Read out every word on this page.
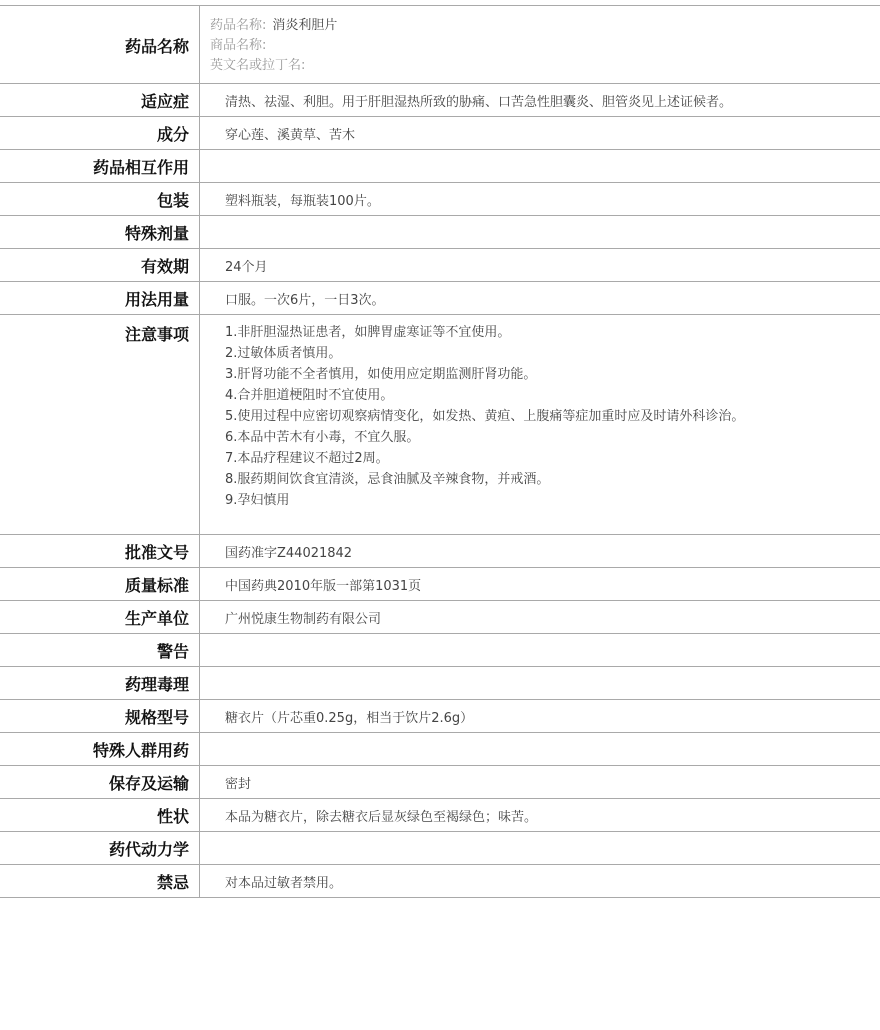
药品名称
药品名称: 消炎利胆片
商品名称:
英文名或拉丁名:
适应症	清热、祛湿、利胆。用于肝胆湿热所致的胁痛、口苦急性胆囊炎、胆管炎见上述证候者。
成分	穿心莲、溪黄草、苦木
药品相互作用
包装	塑料瓶装，每瓶装100片。
特殊剂量
有效期	24个月
用法用量	口服。一次6片，一日3次。
注意事项	1.非肝胆湿热证患者，如脾胃虚寒证等不宜使用。
2.过敏体质者慎用。
3.肝肾功能不全者慎用，如使用应定期监测肝肾功能。
4.合并胆道梗阻时不宜使用。
5.使用过程中应密切观察病情变化，如发热、黄疸、上腹痛等症加重时应及时请外科诊治。
6.本品中苦木有小毒，不宜久服。
7.本品疗程建议不超过2周。
8.服药期间饮食宜清淡，忌食油腻及辛辣食物，并戒酒。
9.孕妇慎用
批准文号	国药准字Z44021842
质量标准	中国药典2010年版一部第1031页
生产单位	广州悦康生物制药有限公司
警告
药理毒理
规格型号	糖衣片（片芯重0.25g，相当于饮片2.6g）
特殊人群用药
保存及运输	密封
性状	本品为糖衣片，除去糖衣后显灰绿色至褐绿色；味苦。
药代动力学
禁忌	对本品过敏者禁用。
